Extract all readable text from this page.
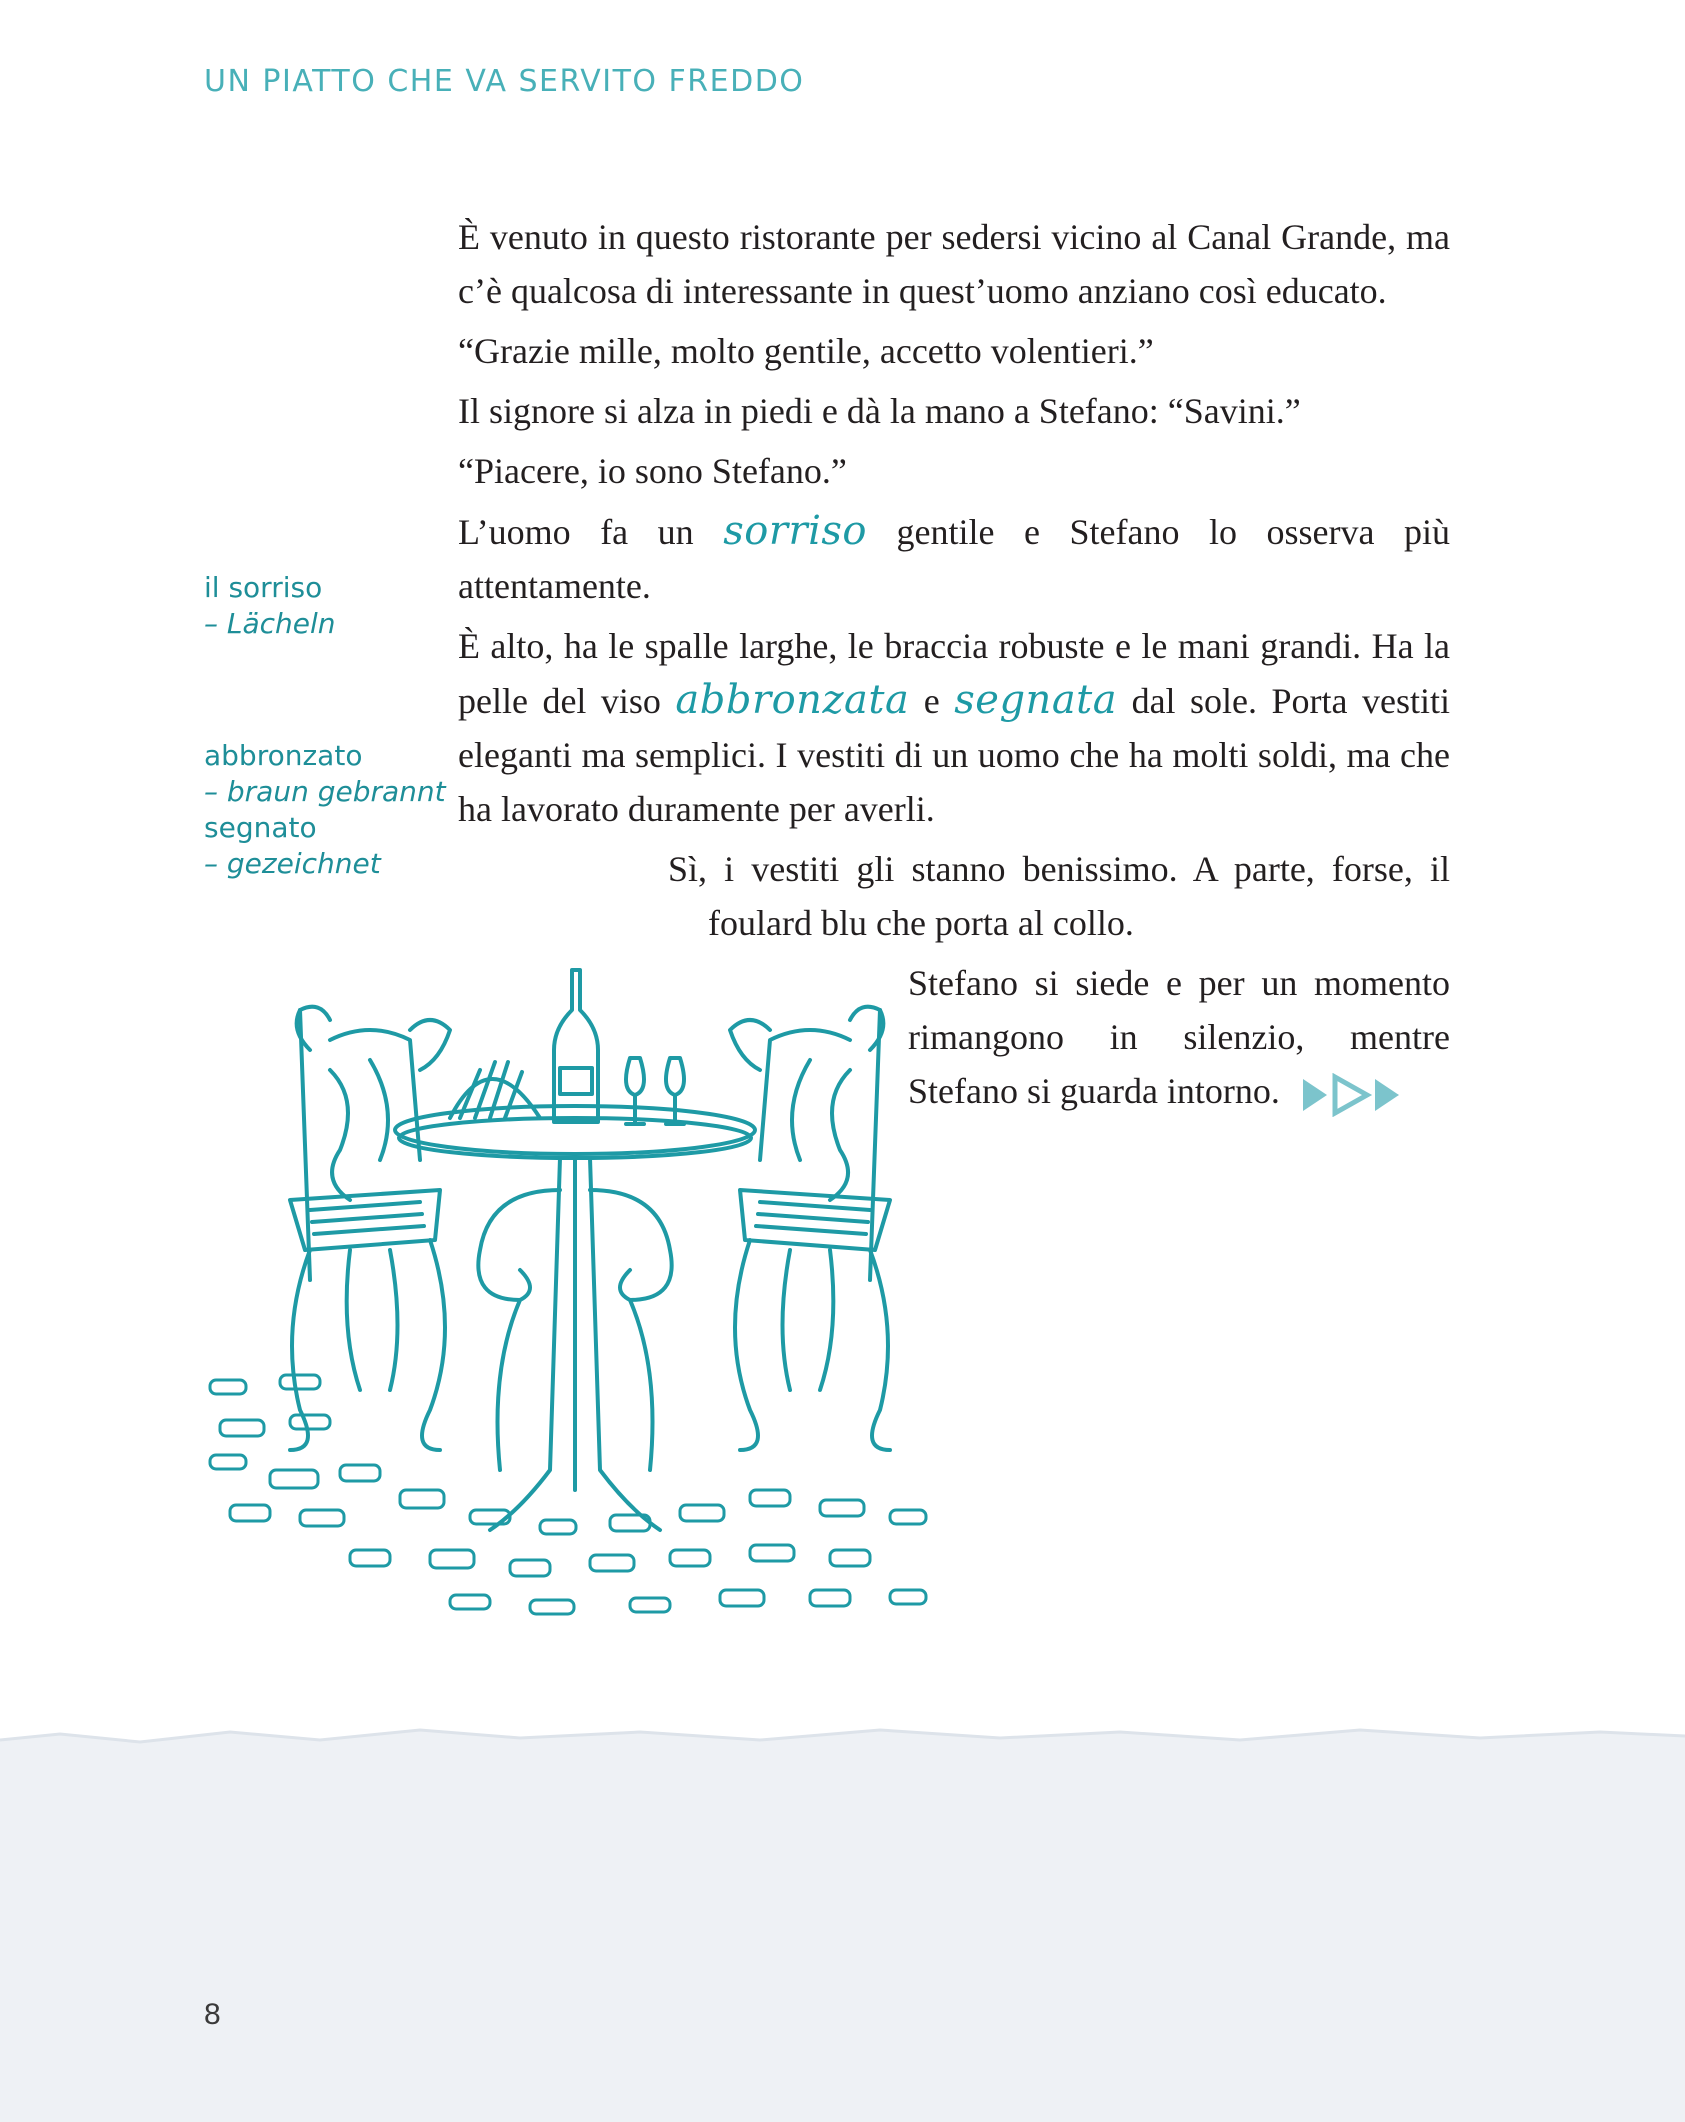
UN PIATTO CHE VA SERVITO FREDDO

È venuto in questo ristorante per sedersi vicino al Canal Grande, ma c’è qualcosa di interessante in quest’uomo anziano così educato.

“Grazie mille, molto gentile, accetto volentieri.”

Il signore si alza in piedi e dà la mano a Stefano: “Savini.”

“Piacere, io sono Stefano.”

L’uomo fa un sorriso gentile e Stefano lo osserva più attentamente.

È alto, ha le spalle larghe, le braccia robuste e le mani grandi. Ha la pelle del viso abbronzata e segnata dal sole. Porta vestiti eleganti ma semplici. I vestiti di un uomo che ha molti soldi, ma che ha lavorato duramente per averli.

Sì, i vestiti gli stanno benissimo. A parte, forse, il foulard blu che porta al collo.

Stefano si siede e per un momento rimangono in silenzio, mentre Stefano si guarda intorno.

il sorriso
– Lächeln
abbronzato
– braun gebrannt
segnato
– gezeichnet
8
